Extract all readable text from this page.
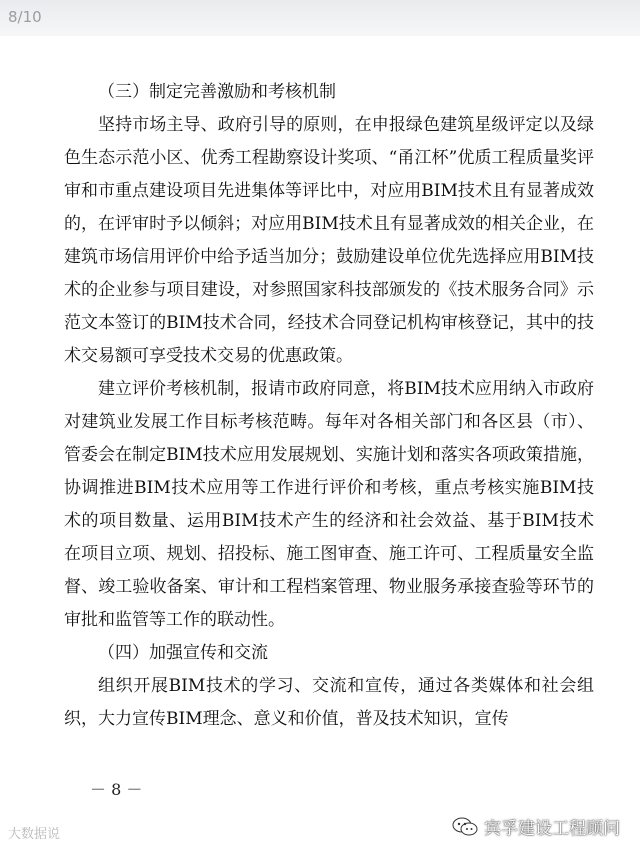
（三）制定完善激励和考核机制

坚持市场主导、政府引导的原则，在申报绿色建筑星级评定以及绿色生态示范小区、优秀工程勘察设计奖项、“甬江杯”优质工程质量奖评审和市重点建设项目先进集体等评比中，对应用BIM技术且有显著成效的，在评审时予以倾斜；对应用BIM技术且有显著成效的相关企业，在建筑市场信用评价中给予适当加分；鼓励建设单位优先选择应用BIM技术的企业参与项目建设，对参照国家科技部颁发的《技术服务合同》示范文本签订的BIM技术合同，经技术合同登记机构审核登记，其中的技术交易额可享受技术交易的优惠政策。

建立评价考核机制，报请市政府同意，将BIM技术应用纳入市政府对建筑业发展工作目标考核范畴。每年对各相关部门和各区县（市）、管委会在制定BIM技术应用发展规划、实施计划和落实各项政策措施，协调推进BIM技术应用等工作进行评价和考核，重点考核实施BIM技术的项目数量、运用BIM技术产生的经济和社会效益、基于BIM技术在项目立项、规划、招投标、施工图审查、施工许可、工程质量安全监督、竣工验收备案、审计和工程档案管理、物业服务承接查验等环节的审批和监管等工作的联动性。

（四）加强宣传和交流

组织开展BIM技术的学习、交流和宣传，通过各类媒体和社会组织，大力宣传BIM理念、意义和价值，普及技术知识，宣传

－ 8 －
大数据说	宾孚建设工程顾问
8/10
